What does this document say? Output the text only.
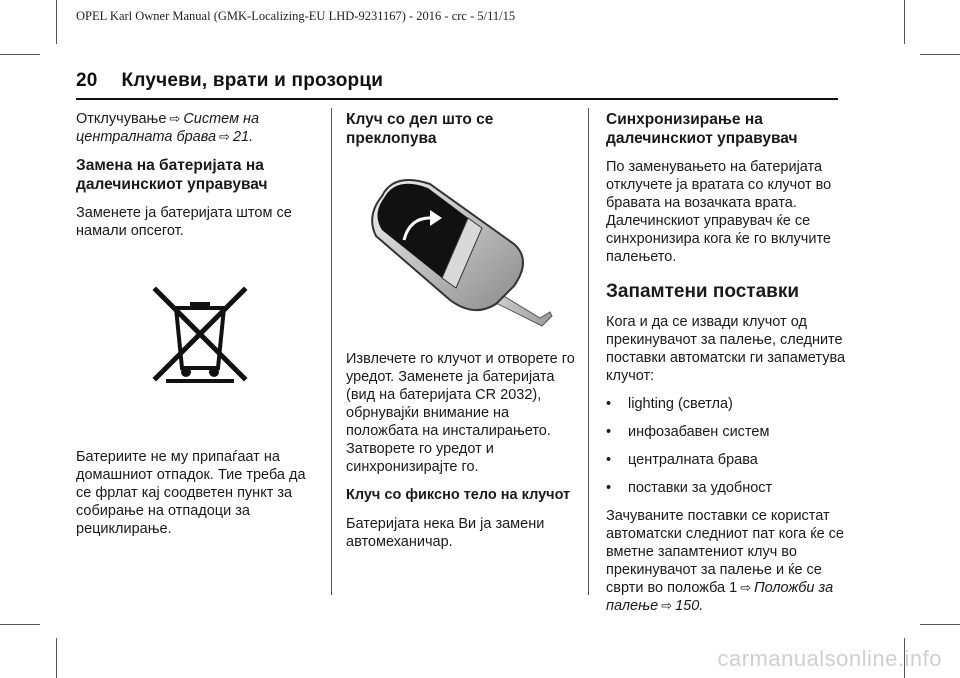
OPEL Karl Owner Manual (GMK-Localizing-EU LHD-9231167) - 2016 - crc - 5/11/15
20 Клучеви, врати и прозорци

Отклучување ⇨ Систем на централната брава ⇨ 21.

Замена на батеријата на далечинскиот управувач

Заменете ја батеријата штом се намали опсегот.

Батериите не му припаѓаат на домашниот отпадок. Тие треба да се фрлат кај соодветен пункт за собирање на отпадоци за рециклирање.

Клуч со дел што се преклопува

Извлечете го клучот и отворете го уредот. Заменете ја батеријата (вид на батеријата CR 2032), обрнувајќи внимание на положбата на инсталирањето. Затворете го уредот и синхронизирајте го.

Клуч со фиксно тело на клучот

Батеријата нека Ви ја замени автомеханичар.

Синхронизирање на далечинскиот управувач

По заменувањето на батеријата отклучете ја вратата со клучот во бравата на возачката врата. Далечинскиот управувач ќе се синхронизира кога ќе го вклучите палењето.

Запамтени поставки

Кога и да се извади клучот од прекинувачот за палење, следните поставки автоматски ги запаметува клучот:

•	lighting (светла)
•	инфозабавен систем
•	централната брава
•	поставки за удобност

Зачуваните поставки се користат автоматски следниот пат кога ќе се вметне запамтениот клуч во прекинувачот за палење и ќе се сврти во положба 1 ⇨ Положби за палење ⇨ 150.

carmanualsonline.info
